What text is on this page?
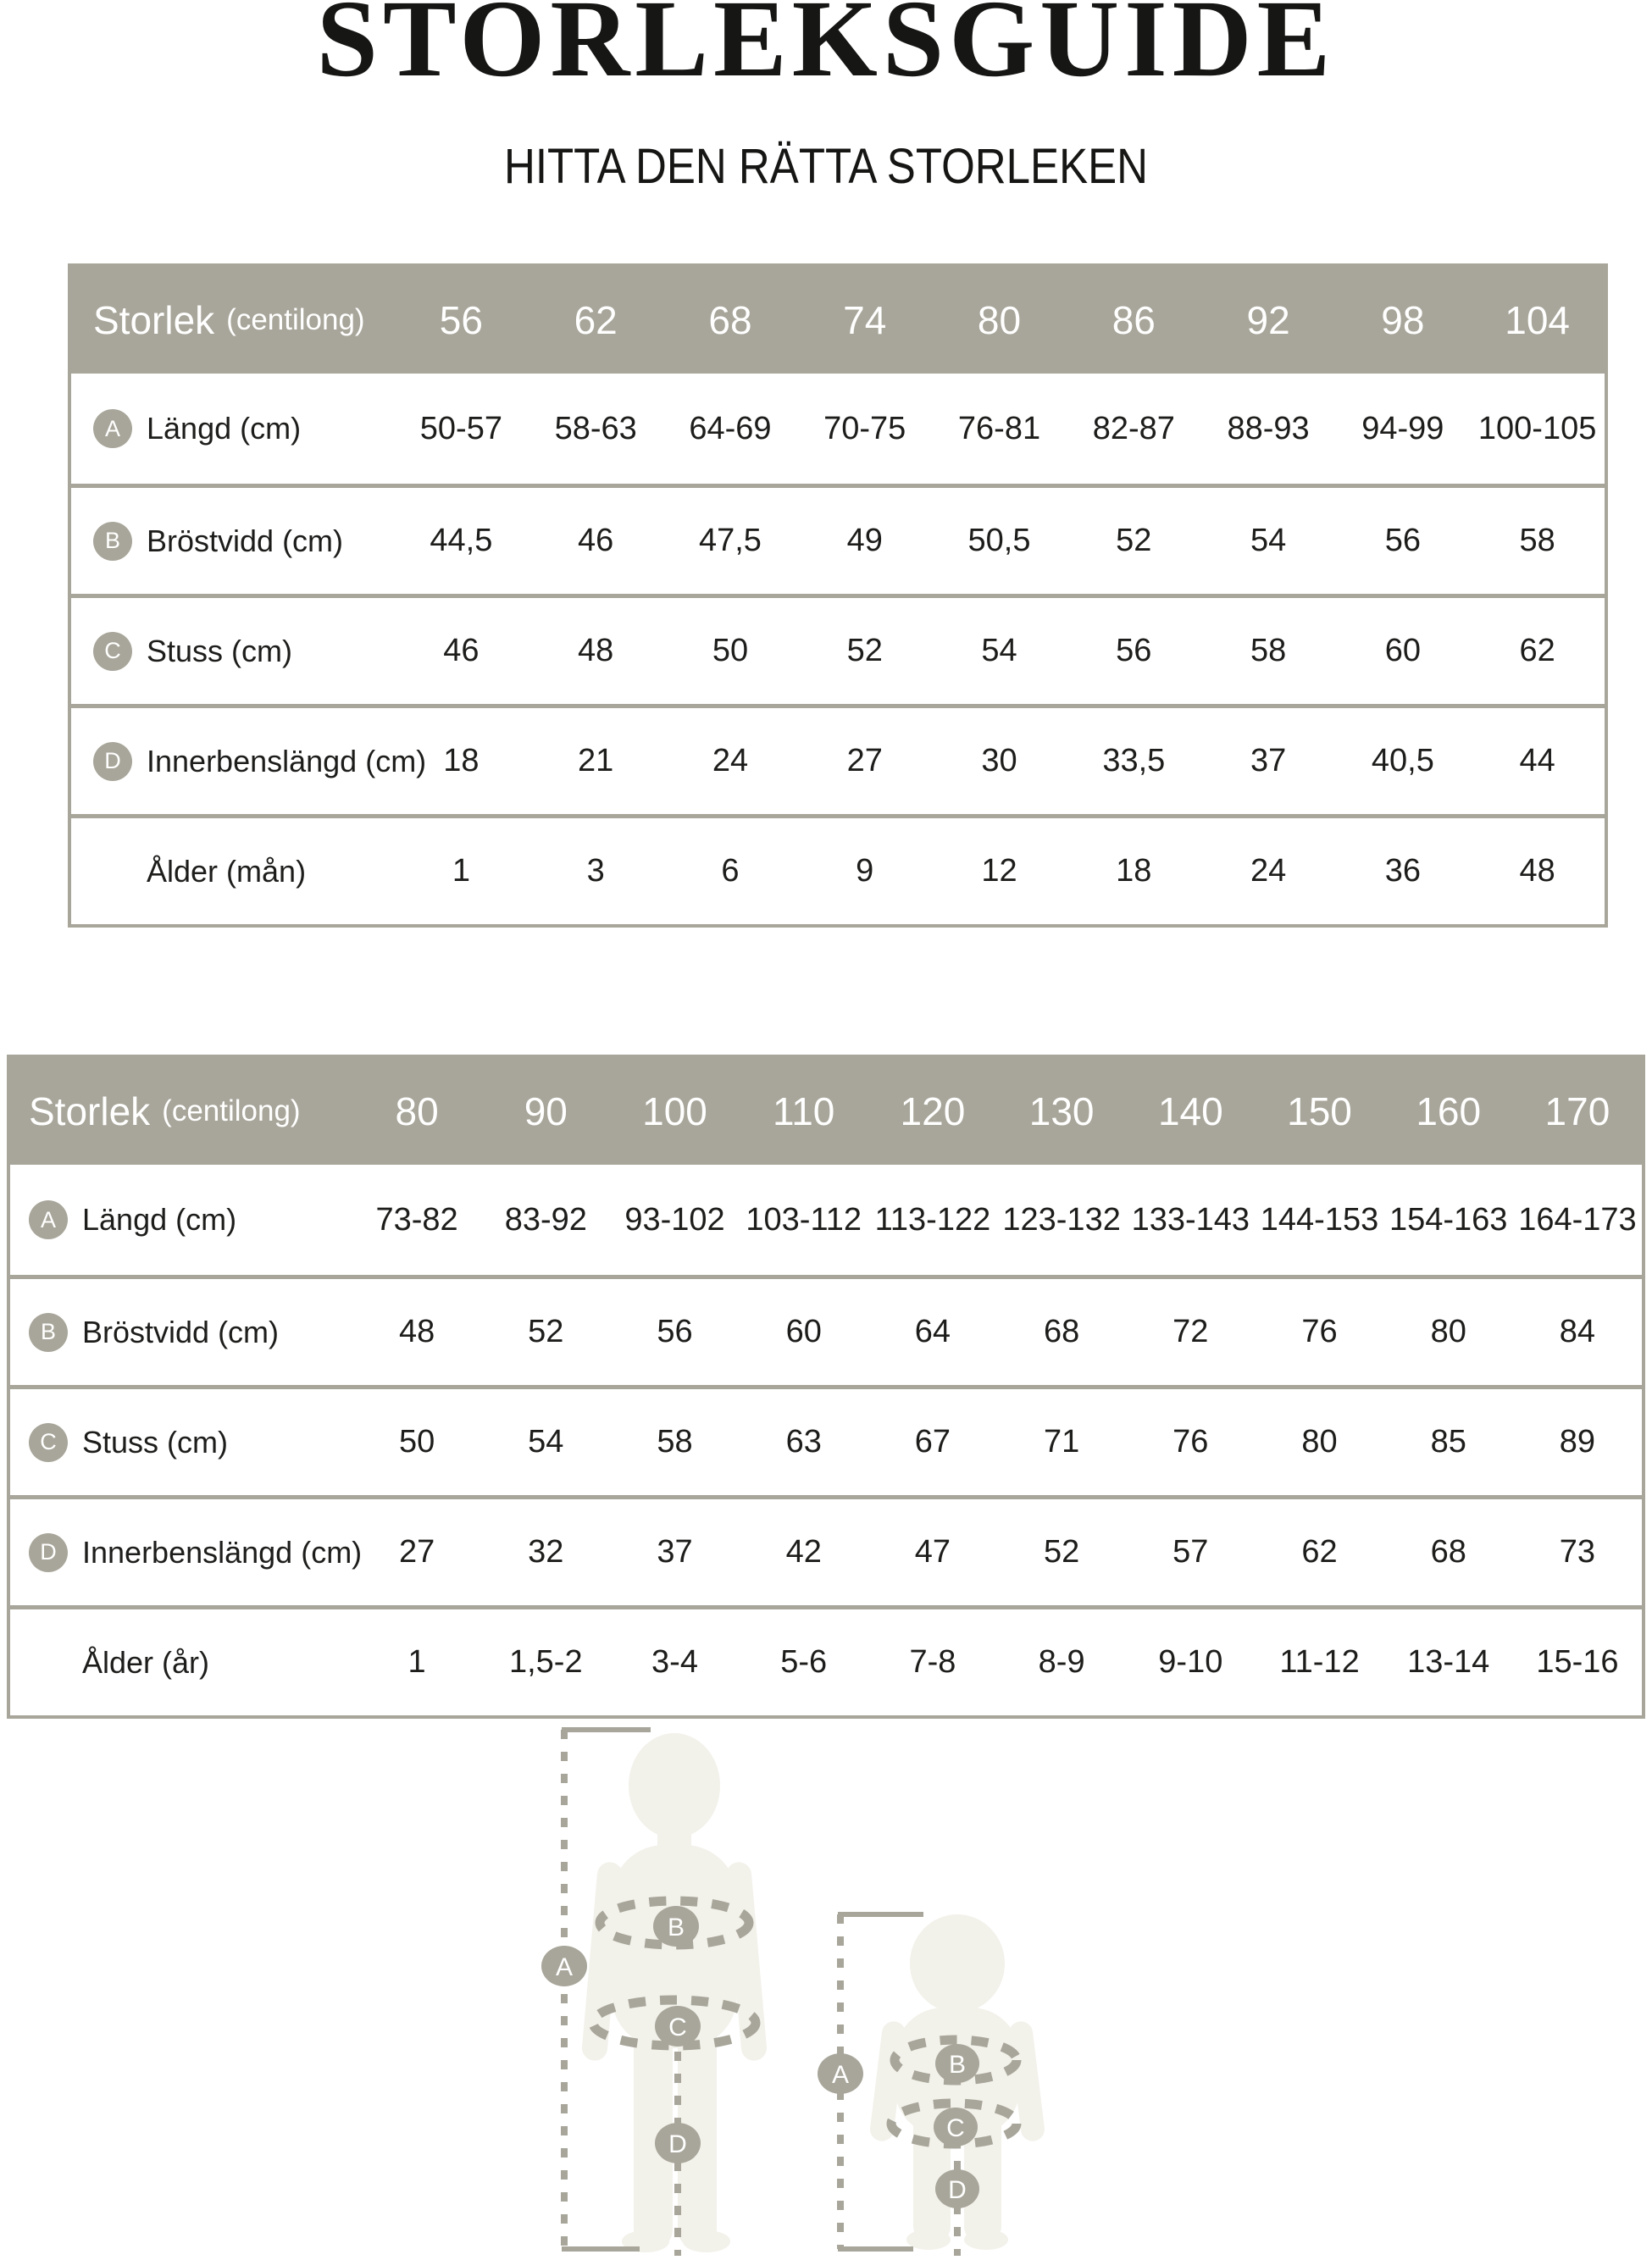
STORLEKSGUIDE
HITTA DEN RÄTTA STORLEKEN
Storlek (centilong)	56	62	68	74	80	86	92	98	104
A Längd (cm)	50-57	58-63	64-69	70-75	76-81	82-87	88-93	94-99	100-105
B Bröstvidd (cm)	44,5	46	47,5	49	50,5	52	54	56	58
C Stuss (cm)	46	48	50	52	54	56	58	60	62
D Innerbenslängd (cm) 18	21	24	27	30	33,5	37	40,5	44
Ålder (mån)	1	3	6	9	12	18	24	36	48
Storlek (centilong)	80	90	100	110	120	130	140	150	160	170
A Längd (cm)	73-82	83-92	93-102 103-112 113-122 123-132 133-143 144-153 154-163 164-173
B Bröstvidd (cm)	48	52	56	60	64	68	72	76	80	84
C Stuss (cm)	50	54	58	63	67	71	76	80	85	89
D Innerbenslängd (cm)	27	32	37	42	47	52	57	62	68	73
Ålder (år)	1	1,5-2	3-4	5-6	7-8	8-9	9-10	11-12	13-14	15-16
A
B
C
D
A	B
C
D
